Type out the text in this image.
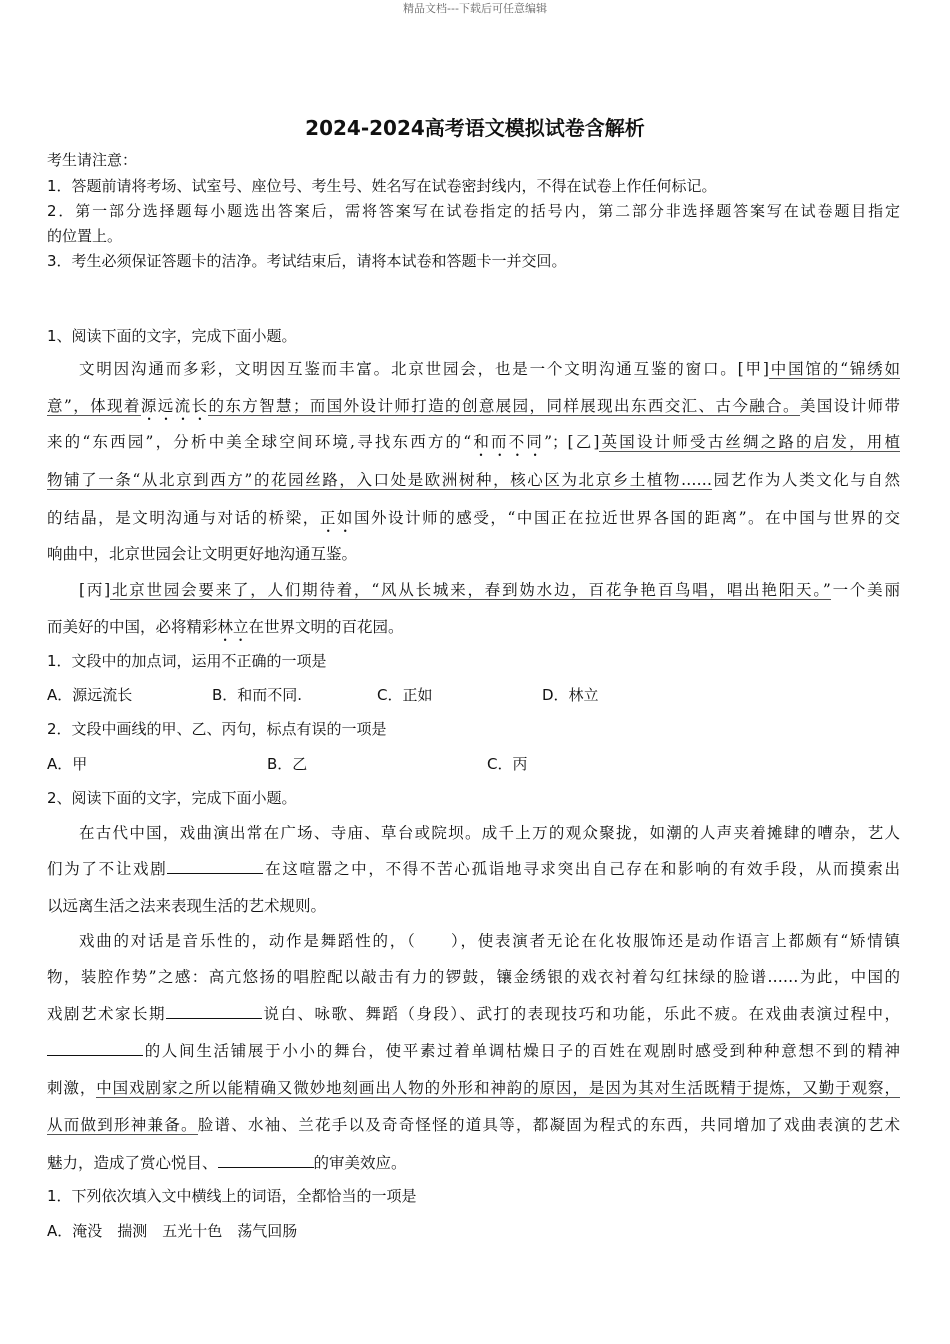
精品文档---下载后可任意编辑
2024-2024高考语文模拟试卷含解析
考生请注意：
1．答题前请将考场、试室号、座位号、考生号、姓名写在试卷密封线内，不得在试卷上作任何标记。
2．第一部分选择题每小题选出答案后，需将答案写在试卷指定的括号内，第二部分非选择题答案写在试卷题目指定
的位置上。
3．考生必须保证答题卡的洁净。考试结束后，请将本试卷和答题卡一并交回。
1、阅读下面的文字，完成下面小题。
文明因沟通而多彩，文明因互鉴而丰富。北京世园会，也是一个文明沟通互鉴的窗口。[甲]中国馆的“锦绣如
意”，体现着源远流长的东方智慧；而国外设计师打造的创意展园，同样展现出东西交汇、古今融合。美国设计师带
来的“东西园”，分析中美全球空间环境,寻找东西方的“和而不同”；[乙]英国设计师受古丝绸之路的启发，用植
物铺了一条“从北京到西方”的花园丝路，入口处是欧洲树种，核心区为北京乡土植物……园艺作为人类文化与自然
的结晶，是文明沟通与对话的桥梁，正如国外设计师的感受，“中国正在拉近世界各国的距离”。在中国与世界的交
响曲中，北京世园会让文明更好地沟通互鉴。
[丙]北京世园会要来了，人们期待着，“风从长城来，春到妫水边，百花争艳百鸟唱，唱出艳阳天。”一个美丽
而美好的中国，必将精彩林立在世界文明的百花园。
1．文段中的加点词，运用不正确的一项是
2．文段中画线的甲、乙、丙句，标点有误的一项是
2、阅读下面的文字，完成下面小题。
在古代中国，戏曲演出常在广场、寺庙、草台或院坝。成千上万的观众聚拢，如潮的人声夹着摊肆的嘈杂，艺人
们为了不让戏剧	在这喧嚣之中，不得不苦心孤诣地寻求突出自己存在和影响的有效手段，从而摸索出
以远离生活之法来表现生活的艺术规则。
戏曲的对话是音乐性的，动作是舞蹈性的，（　　），使表演者无论在化妆服饰还是动作语言上都颇有“矫情镇
物，装腔作势”之感：高亢悠扬的唱腔配以敲击有力的锣鼓，镶金绣银的戏衣衬着勾红抹绿的脸谱……为此，中国的
戏剧艺术家长期	说白、咏歌、舞蹈（身段）、武打的表现技巧和功能，乐此不疲。在戏曲表演过程中，
的人间生活铺展于小小的舞台，使平素过着单调枯燥日子的百姓在观剧时感受到种种意想不到的精神
刺激，中国戏剧家之所以能精确又微妙地刻画出人物的外形和神韵的原因，是因为其对生活既精于提炼，又勤于观察，
从而做到形神兼备。脸谱、水袖、兰花手以及奇奇怪怪的道具等，都凝固为程式的东西，共同增加了戏曲表演的艺术
魅力，造成了赏心悦目、	的审美效应。
1．下列依次填入文中横线上的词语，全都恰当的一项是
A．淹没　揣测　五光十色　荡气回肠
A．源远流长	B．和而不同.	C．正如	D．林立
A．甲	B．乙	C．丙
